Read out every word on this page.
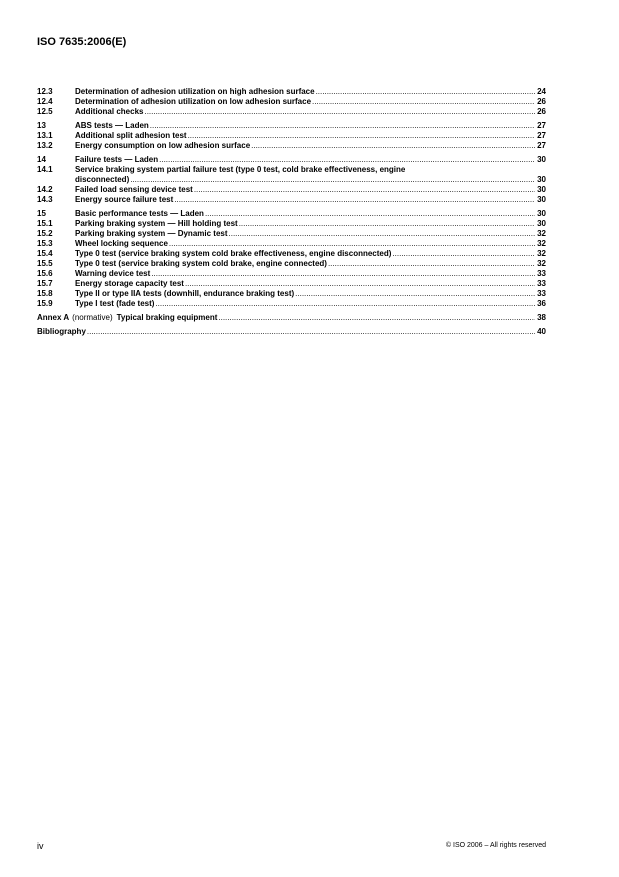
ISO 7635:2006(E)
12.3	Determination of adhesion utilization on high adhesion surface .....	24
12.4	Determination of adhesion utilization on low adhesion surface .....	26
12.5	Additional checks .....	26
13	ABS tests — Laden .....	27
13.1	Additional split adhesion test .....	27
13.2	Energy consumption on low adhesion surface .....	27
14	Failure tests — Laden .....	30
14.1	Service braking system partial failure test (type 0 test, cold brake effectiveness, engine
disconnected) .....	30
14.2	Failed load sensing device test .....	30
14.3	Energy source failure test .....	30
15	Basic performance tests — Laden .....	30
15.1	Parking braking system — Hill holding test .....	30
15.2	Parking braking system — Dynamic test .....	32
15.3	Wheel locking sequence .....	32
15.4	Type 0 test (service braking system cold brake effectiveness, engine disconnected) .....	32
15.5	Type 0 test (service braking system cold brake, engine connected) .....	32
15.6	Warning device test .....	33
15.7	Energy storage capacity test .....	33
15.8	Type II or type IIA tests (downhill, endurance braking test) .....	33
15.9	Type I test (fade test) .....	36
Annex A (normative) Typical braking equipment .....	38
Bibliography .....	40
iv	© ISO 2006 – All rights reserved
